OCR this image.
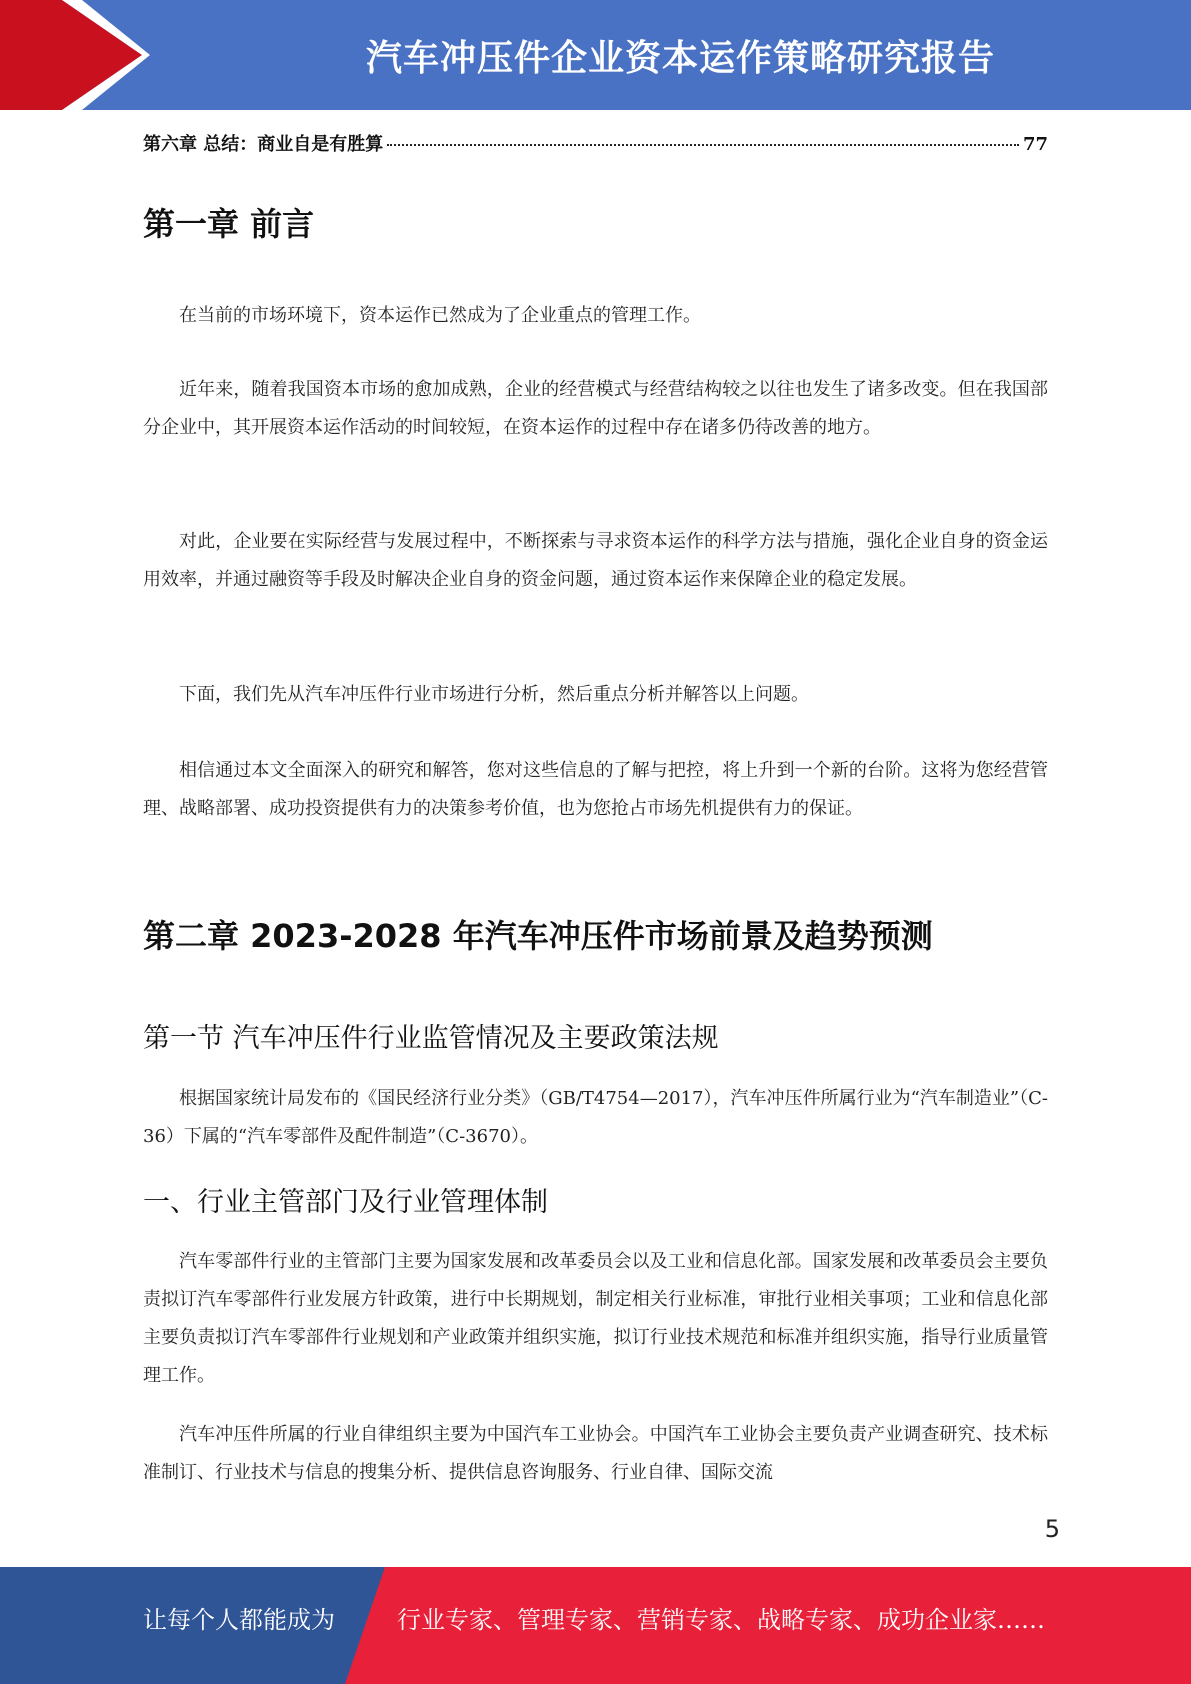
汽车冲压件企业资本运作策略研究报告
第六章 总结：商业自是有胜算	77
第一章 前言

在当前的市场环境下，资本运作已然成为了企业重点的管理工作。

近年来，随着我国资本市场的愈加成熟，企业的经营模式与经营结构较之以往也发生了诸多改变。但在我国部分企业中，其开展资本运作活动的时间较短，在资本运作的过程中存在诸多仍待改善的地方。

对此，企业要在实际经营与发展过程中，不断探索与寻求资本运作的科学方法与措施，强化企业自身的资金运用效率，并通过融资等手段及时解决企业自身的资金问题，通过资本运作来保障企业的稳定发展。

下面，我们先从汽车冲压件行业市场进行分析，然后重点分析并解答以上问题。

相信通过本文全面深入的研究和解答，您对这些信息的了解与把控，将上升到一个新的台阶。这将为您经营管理、战略部署、成功投资提供有力的决策参考价值，也为您抢占市场先机提供有力的保证。

第二章 2023-2028 年汽车冲压件市场前景及趋势预测
第一节 汽车冲压件行业监管情况及主要政策法规

根据国家统计局发布的《国民经济行业分类》（GB/T4754—2017），汽车冲压件所属行业为“汽车制造业”（C-36）下属的“汽车零部件及配件制造”（C-3670）。

一、行业主管部门及行业管理体制

汽车零部件行业的主管部门主要为国家发展和改革委员会以及工业和信息化部。国家发展和改革委员会主要负责拟订汽车零部件行业发展方针政策，进行中长期规划，制定相关行业标准，审批行业相关事项；工业和信息化部主要负责拟订汽车零部件行业规划和产业政策并组织实施，拟订行业技术规范和标准并组织实施，指导行业质量管理工作。

汽车冲压件所属的行业自律组织主要为中国汽车工业协会。中国汽车工业协会主要负责产业调查研究、技术标准制订、行业技术与信息的搜集分析、提供信息咨询服务、行业自律、国际交流

5
让每个人都能成为	行业专家、管理专家、营销专家、战略专家、成功企业家……
